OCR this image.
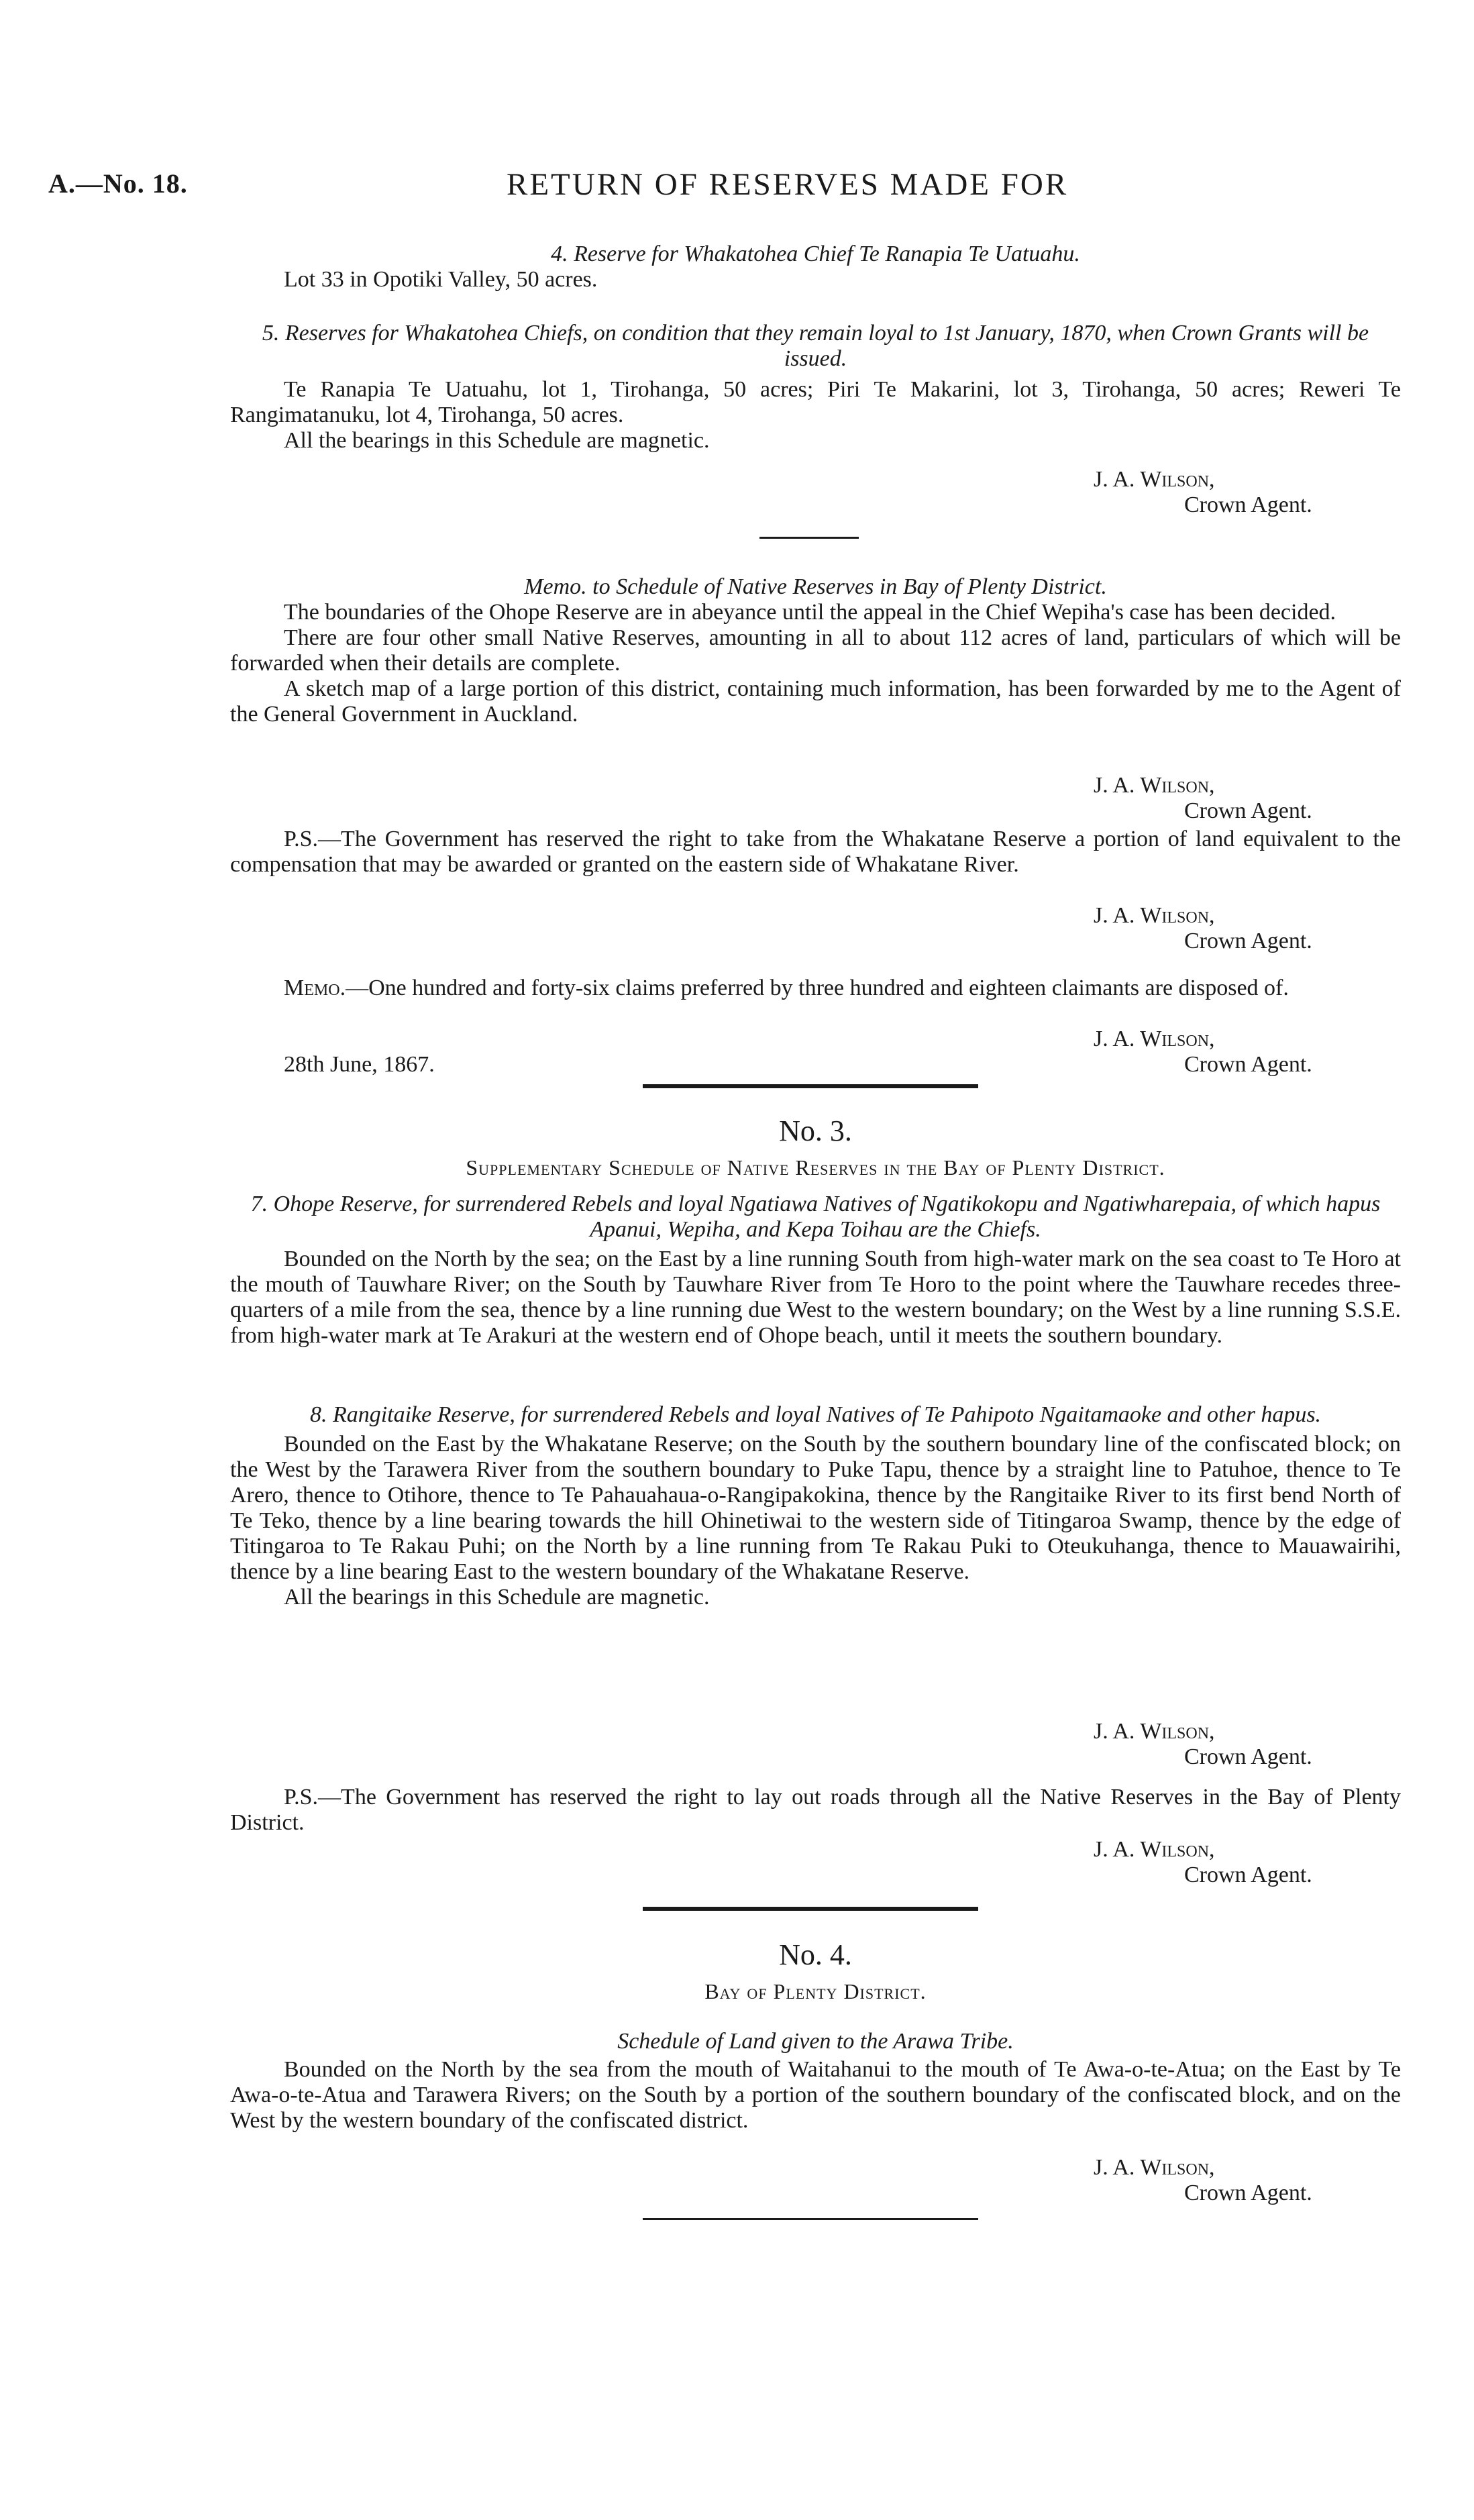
A.—No. 18.	RETURN OF RESERVES MADE FOR

4. Reserve for Whakatohea Chief Te Ranapia Te Uatuahu.

Lot 33 in Opotiki Valley, 50 acres.

5. Reserves for Whakatohea Chiefs, on condition that they remain loyal to 1st January, 1870, when Crown Grants will be issued.

Te Ranapia Te Uatuahu, lot 1, Tirohanga, 50 acres; Piri Te Makarini, lot 3, Tirohanga, 50 acres; Reweri Te Rangimatanuku, lot 4, Tirohanga, 50 acres.

All the bearings in this Schedule are magnetic.

J. A. Wilson,
Crown Agent.

Memo. to Schedule of Native Reserves in Bay of Plenty District.

The boundaries of the Ohope Reserve are in abeyance until the appeal in the Chief Wepiha's case has been decided.

There are four other small Native Reserves, amounting in all to about 112 acres of land, particulars of which will be forwarded when their details are complete.

A sketch map of a large portion of this district, containing much information, has been forwarded by me to the Agent of the General Government in Auckland.

J. A. Wilson,
Crown Agent.

P.S.—The Government has reserved the right to take from the Whakatane Reserve a portion of land equivalent to the compensation that may be awarded or granted on the eastern side of Whakatane River.

J. A. Wilson,
Crown Agent.

Memo.—One hundred and forty-six claims preferred by three hundred and eighteen claimants are disposed of.

J. A. Wilson,
28th June, 1867.	Crown Agent.
No. 3.
Supplementary Schedule of Native Reserves in the Bay of Plenty District.

7. Ohope Reserve, for surrendered Rebels and loyal Ngatiawa Natives of Ngatikokopu and Ngatiwharepaia, of which hapus Apanui, Wepiha, and Kepa Toihau are the Chiefs.

Bounded on the North by the sea; on the East by a line running South from high-water mark on the sea coast to Te Horo at the mouth of Tauwhare River; on the South by Tauwhare River from Te Horo to the point where the Tauwhare recedes three-quarters of a mile from the sea, thence by a line running due West to the western boundary; on the West by a line running S.S.E. from high-water mark at Te Arakuri at the western end of Ohope beach, until it meets the southern boundary.

8. Rangitaike Reserve, for surrendered Rebels and loyal Natives of Te Pahipoto Ngaitamaoke and other hapus.

Bounded on the East by the Whakatane Reserve; on the South by the southern boundary line of the confiscated block; on the West by the Tarawera River from the southern boundary to Puke Tapu, thence by a straight line to Patuhoe, thence to Te Arero, thence to Otihore, thence to Te Pahauahaua-o-Rangipakokina, thence by the Rangitaike River to its first bend North of Te Teko, thence by a line bearing towards the hill Ohinetiwai to the western side of Titingaroa Swamp, thence by the edge of Titingaroa to Te Rakau Puhi; on the North by a line running from Te Rakau Puki to Oteukuhanga, thence to Mauawairihi, thence by a line bearing East to the western boundary of the Whakatane Reserve.

All the bearings in this Schedule are magnetic.

J. A. Wilson,
Crown Agent.

P.S.—The Government has reserved the right to lay out roads through all the Native Reserves in the Bay of Plenty District.

J. A. Wilson,
Crown Agent.
No. 4.
Bay of Plenty District.

Schedule of Land given to the Arawa Tribe.

Bounded on the North by the sea from the mouth of Waitahanui to the mouth of Te Awa-o-te-Atua; on the East by Te Awa-o-te-Atua and Tarawera Rivers; on the South by a portion of the southern boundary of the confiscated block, and on the West by the western boundary of the confiscated district.

J. A. Wilson,
Crown Agent.
